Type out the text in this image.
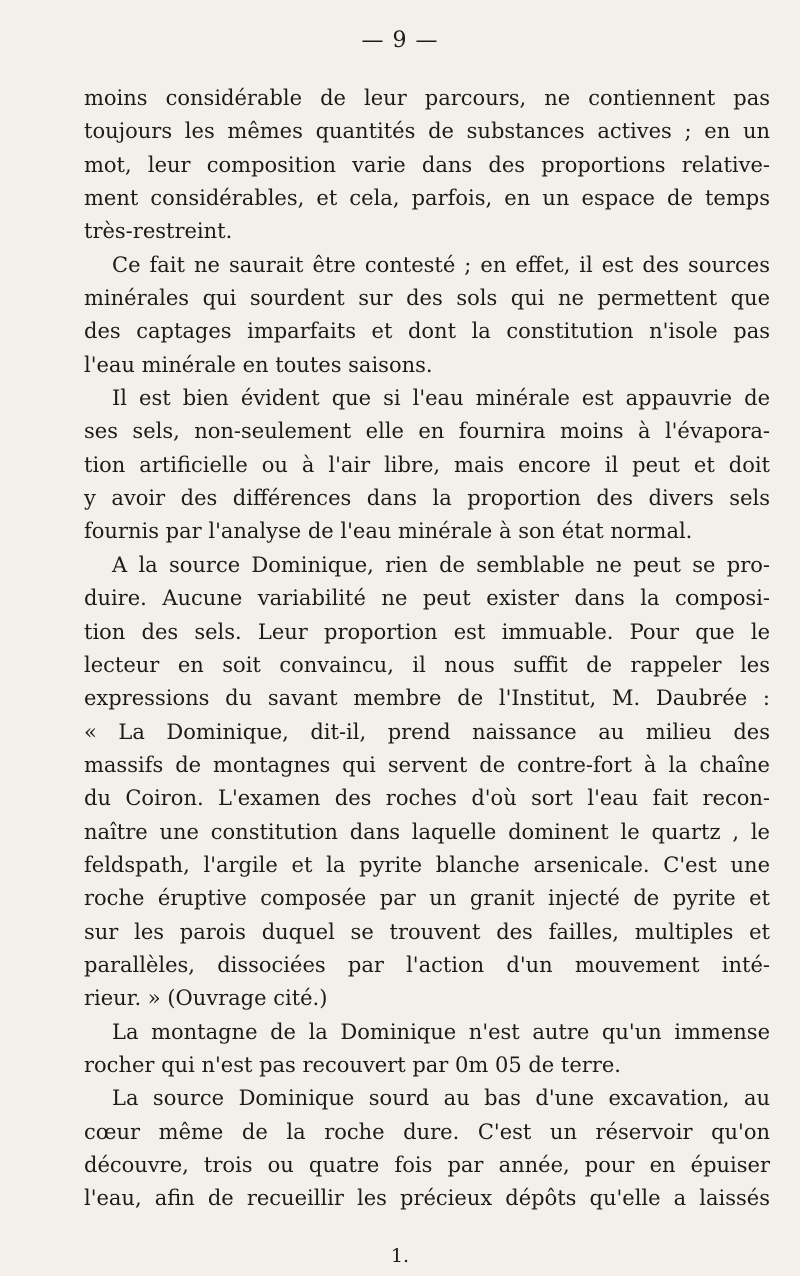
— 9 —
moins considérable de leur parcours, ne contiennent pas
toujours les mêmes quantités de substances actives ; en un
mot, leur composition varie dans des proportions relative-
ment considérables, et cela, parfois, en un espace de temps
très-restreint.
Ce fait ne saurait être contesté ; en effet, il est des sources
minérales qui sourdent sur des sols qui ne permettent que
des captages imparfaits et dont la constitution n'isole pas
l'eau minérale en toutes saisons.
Il est bien évident que si l'eau minérale est appauvrie de
ses sels, non-seulement elle en fournira moins à l'évapora-
tion artificielle ou à l'air libre, mais encore il peut et doit
y avoir des différences dans la proportion des divers sels
fournis par l'analyse de l'eau minérale à son état normal.
A la source Dominique, rien de semblable ne peut se pro-
duire. Aucune variabilité ne peut exister dans la composi-
tion des sels. Leur proportion est immuable. Pour que le
lecteur en soit convaincu, il nous suffit de rappeler les
expressions du savant membre de l'Institut, M. Daubrée :
« La Dominique, dit-il, prend naissance au milieu des
massifs de montagnes qui servent de contre-fort à la chaîne
du Coiron. L'examen des roches d'où sort l'eau fait recon-
naître une constitution dans laquelle dominent le quartz , le
feldspath, l'argile et la pyrite blanche arsenicale. C'est une
roche éruptive composée par un granit injecté de pyrite et
sur les parois duquel se trouvent des failles, multiples et
parallèles, dissociées par l'action d'un mouvement inté-
rieur. » (Ouvrage cité.)
La montagne de la Dominique n'est autre qu'un immense
rocher qui n'est pas recouvert par 0m 05 de terre.
La source Dominique sourd au bas d'une excavation, au
cœur même de la roche dure. C'est un réservoir qu'on
découvre, trois ou quatre fois par année, pour en épuiser
l'eau, afin de recueillir les précieux dépôts qu'elle a laissés
1.
